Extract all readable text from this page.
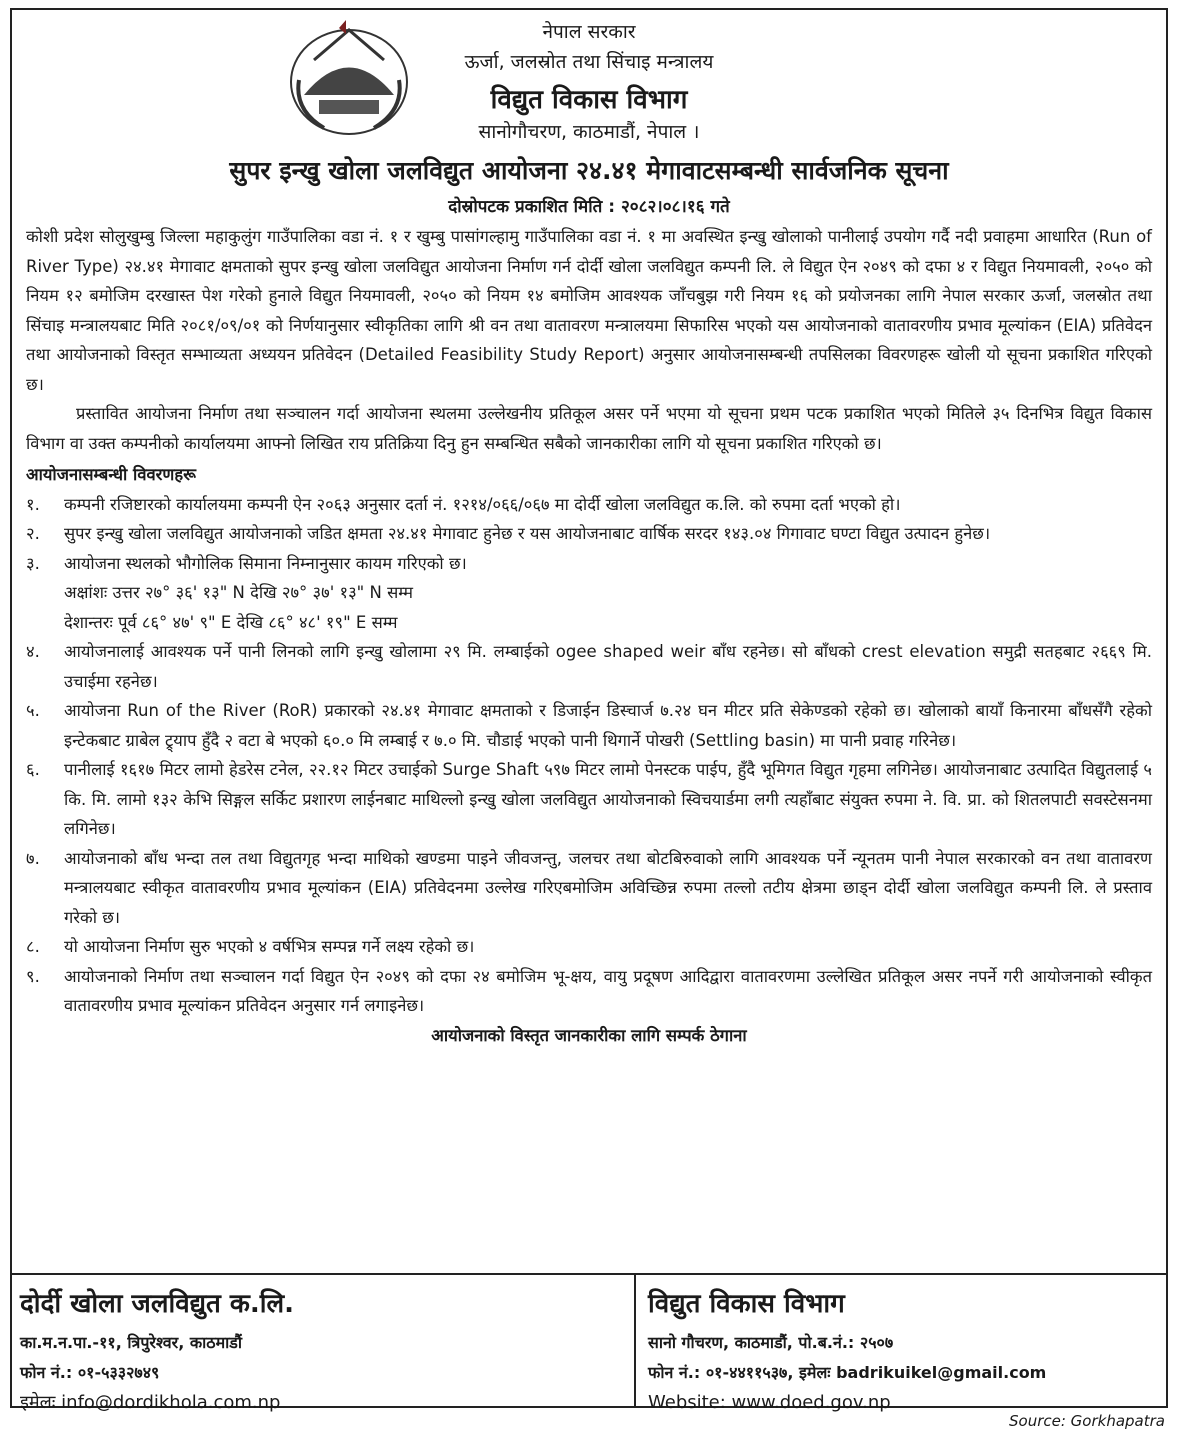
नेपाल सरकार
ऊर्जा, जलस्रोत तथा सिंचाइ मन्त्रालय
विद्युत विकास विभाग
सानोगौचरण, काठमाडौं, नेपाल ।
सुपर इन्खु खोला जलविद्युत आयोजना २४.४१ मेगावाटसम्बन्धी सार्वजनिक सूचना
दोस्रोपटक प्रकाशित मिति : २०८२।०८।१६ गते

कोशी प्रदेश सोलुखुम्बु जिल्ला महाकुलुंग गाउँपालिका वडा नं. १ र खुम्बु पासांगल्हामु गाउँपालिका वडा नं. १ मा अवस्थित इन्खु खोलाको पानीलाई उपयोग गर्दै नदी प्रवाहमा आधारित (Run of River Type) २४.४१ मेगावाट क्षमताको सुपर इन्खु खोला जलविद्युत आयोजना निर्माण गर्न दोर्दी खोला जलविद्युत कम्पनी लि. ले विद्युत ऐन २०४९ को दफा ४ र विद्युत नियमावली, २०५० को नियम १२ बमोजिम दरखास्त पेश गरेको हुनाले विद्युत नियमावली, २०५० को नियम १४ बमोजिम आवश्यक जाँचबुझ गरी नियम १६ को प्रयोजनका लागि नेपाल सरकार ऊर्जा, जलस्रोत तथा सिंचाइ मन्त्रालयबाट मिति २०८१/०९/०१ को निर्णयानुसार स्वीकृतिका लागि श्री वन तथा वातावरण मन्त्रालयमा सिफारिस भएको यस आयोजनाको वातावरणीय प्रभाव मूल्यांकन (EIA) प्रतिवेदन तथा आयोजनाको विस्तृत सम्भाव्यता अध्ययन प्रतिवेदन (Detailed Feasibility Study Report) अनुसार आयोजनासम्बन्धी तपसिलका विवरणहरू खोली यो सूचना प्रकाशित गरिएको छ।

प्रस्तावित आयोजना निर्माण तथा सञ्चालन गर्दा आयोजना स्थलमा उल्लेखनीय प्रतिकूल असर पर्ने भएमा यो सूचना प्रथम पटक प्रकाशित भएको मितिले ३५ दिनभित्र विद्युत विकास विभाग वा उक्त कम्पनीको कार्यालयमा आफ्नो लिखित राय प्रतिक्रिया दिनु हुन सम्बन्धित सबैको जानकारीका लागि यो सूचना प्रकाशित गरिएको छ।

आयोजनासम्बन्धी विवरणहरू

१.	कम्पनी रजिष्टारको कार्यालयमा कम्पनी ऐन २०६३ अनुसार दर्ता नं. १२१४/०६६/०६७ मा दोर्दी खोला जलविद्युत क.लि. को रुपमा दर्ता भएको हो।
२.	सुपर इन्खु खोला जलविद्युत आयोजनाको जडित क्षमता २४.४१ मेगावाट हुनेछ र यस आयोजनाबाट वार्षिक सरदर १४३.०४ गिगावाट घण्टा विद्युत उत्पादन हुनेछ।
३.	आयोजना स्थलको भौगोलिक सिमाना निम्नानुसार कायम गरिएको छ।
अक्षांशः उत्तर २७° ३६' १३" N देखि २७° ३७' १३" N सम्म
देशान्तरः पूर्व ८६° ४७' ९" E देखि ८६° ४८' १९" E सम्म
४.	आयोजनालाई आवश्यक पर्ने पानी लिनको लागि इन्खु खोलामा २९ मि. लम्बाईको ogee shaped weir बाँध रहनेछ। सो बाँधको crest elevation समुद्री सतहबाट २६६९ मि. उचाईमा रहनेछ।
५.	आयोजना Run of the River (RoR) प्रकारको २४.४१ मेगावाट क्षमताको र डिजाईन डिस्चार्ज ७.२४ घन मीटर प्रति सेकेण्डको रहेको छ। खोलाको बायाँ किनारमा बाँधसँगै रहेको इन्टेकबाट ग्राबेल ट्र्याप हुँदै २ वटा बे भएको ६०.० मि लम्बाई र ७.० मि. चौडाई भएको पानी थिगार्ने पोखरी (Settling basin) मा पानी प्रवाह गरिनेछ।
६.	पानीलाई १६१७ मिटर लामो हेडरेस टनेल, २२.१२ मिटर उचाईको Surge Shaft ५९७ मिटर लामो पेनस्टक पाईप, हुँदै भूमिगत विद्युत गृहमा लगिनेछ। आयोजनाबाट उत्पादित विद्युतलाई ५ कि. मि. लामो १३२ केभि सिङ्गल सर्किट प्रशारण लाईनबाट माथिल्लो इन्खु खोला जलविद्युत आयोजनाको स्विचयार्डमा लगी त्यहाँबाट संयुक्त रुपमा ने. वि. प्रा. को शितलपाटी सवस्टेसनमा लगिनेछ।
७.	आयोजनाको बाँध भन्दा तल तथा विद्युतगृह भन्दा माथिको खण्डमा पाइने जीवजन्तु, जलचर तथा बोटबिरुवाको लागि आवश्यक पर्ने न्यूनतम पानी नेपाल सरकारको वन तथा वातावरण मन्त्रालयबाट स्वीकृत वातावरणीय प्रभाव मूल्यांकन (EIA) प्रतिवेदनमा उल्लेख गरिएबमोजिम अविच्छिन्न रुपमा तल्लो तटीय क्षेत्रमा छाड्न दोर्दी खोला जलविद्युत कम्पनी लि. ले प्रस्ताव गरेको छ।
८.	यो आयोजना निर्माण सुरु भएको ४ वर्षभित्र सम्पन्न गर्ने लक्ष्य रहेको छ।
९.	आयोजनाको निर्माण तथा सञ्चालन गर्दा विद्युत ऐन २०४९ को दफा २४ बमोजिम भू-क्षय, वायु प्रदूषण आदिद्वारा वातावरणमा उल्लेखित प्रतिकूल असर नपर्ने गरी आयोजनाको स्वीकृत वातावरणीय प्रभाव मूल्यांकन प्रतिवेदन अनुसार गर्न लगाइनेछ।
आयोजनाको विस्तृत जानकारीका लागि सम्पर्क ठेगाना
दोर्दी खोला जलविद्युत क.लि.
का.म.न.पा.-११, त्रिपुरेश्वर, काठमाडौं
फोन नं.: ०१-५३३२७४९
इमेलः info@dordikhola.com.np
विद्युत विकास विभाग
सानो गौचरण, काठमाडौं, पो.ब.नं.: २५०७
फोन नं.: ०१-४४११५३७, इमेलः badrikuikel@gmail.com
Website: www.doed.gov.np
Source: Gorkhapatra
